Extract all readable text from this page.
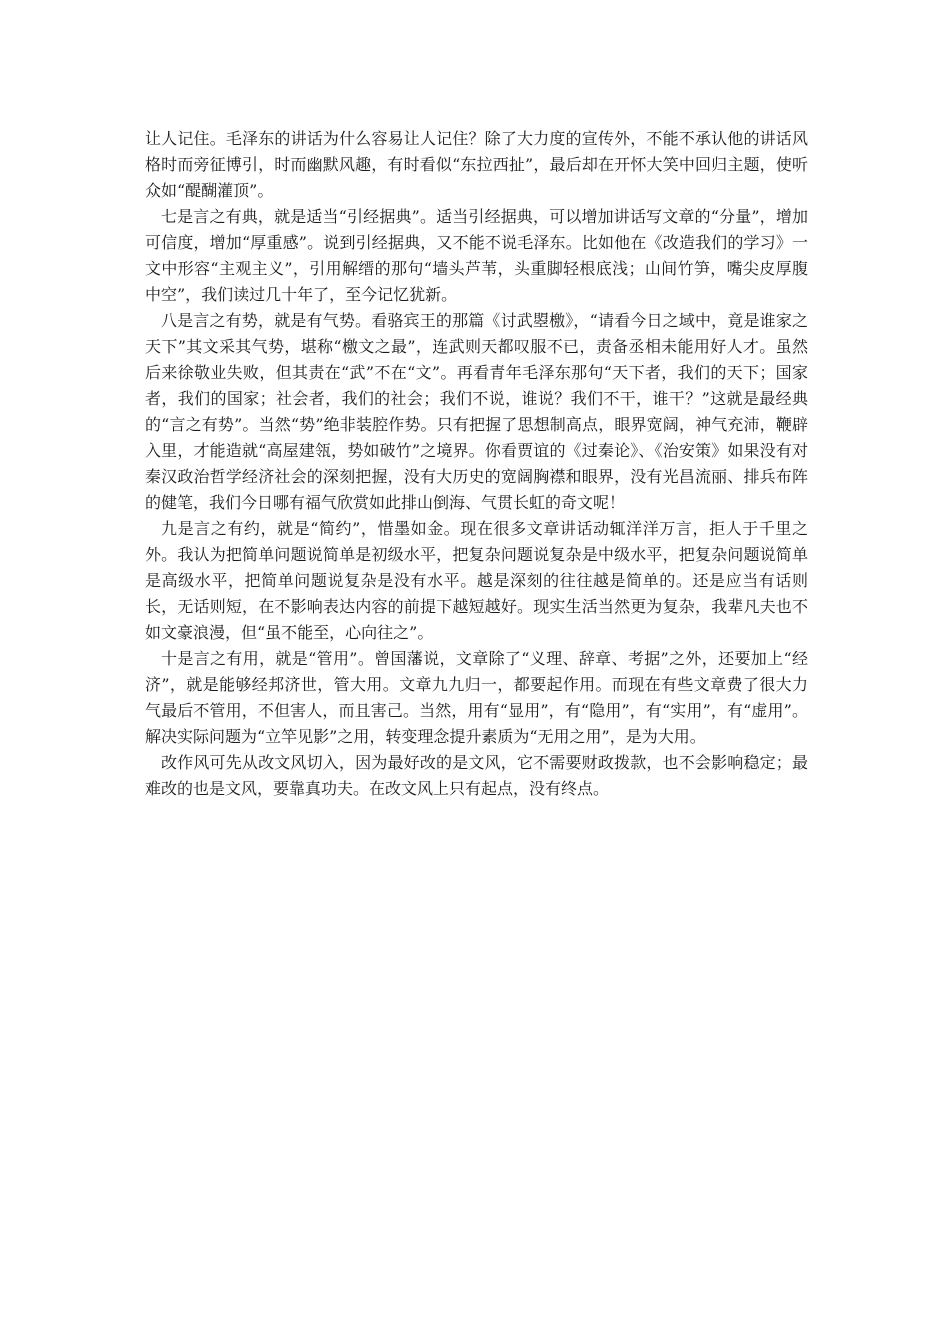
让人记住。毛泽东的讲话为什么容易让人记住？除了大力度的宣传外，不能不承认他的讲话风格时而旁征博引，时而幽默风趣，有时看似“东拉西扯”，最后却在开怀大笑中回归主题，使听众如“醍醐灌顶”。

七是言之有典，就是适当“引经据典”。适当引经据典，可以增加讲话写文章的“分量”，增加可信度，增加“厚重感”。说到引经据典，又不能不说毛泽东。比如他在《改造我们的学习》一文中形容“主观主义”，引用解缙的那句“墙头芦苇，头重脚轻根底浅；山间竹笋，嘴尖皮厚腹中空”，我们读过几十年了，至今记忆犹新。

八是言之有势，就是有气势。看骆宾王的那篇《讨武曌檄》，“请看今日之域中，竟是谁家之天下”其文采其气势，堪称“檄文之最”，连武则天都叹服不已，责备丞相未能用好人才。虽然后来徐敬业失败，但其责在“武”不在“文”。再看青年毛泽东那句“天下者，我们的天下；国家者，我们的国家；社会者，我们的社会；我们不说，谁说？我们不干，谁干？”这就是最经典的“言之有势”。当然“势”绝非装腔作势。只有把握了思想制高点，眼界宽阔，神气充沛，鞭辟入里，才能造就“高屋建瓴，势如破竹”之境界。你看贾谊的《过秦论》、《治安策》如果没有对秦汉政治哲学经济社会的深刻把握，没有大历史的宽阔胸襟和眼界，没有光昌流丽、排兵布阵的健笔，我们今日哪有福气欣赏如此排山倒海、气贯长虹的奇文呢！

九是言之有约，就是“简约”，惜墨如金。现在很多文章讲话动辄洋洋万言，拒人于千里之外。我认为把简单问题说简单是初级水平，把复杂问题说复杂是中级水平，把复杂问题说简单是高级水平，把简单问题说复杂是没有水平。越是深刻的往往越是简单的。还是应当有话则长，无话则短，在不影响表达内容的前提下越短越好。现实生活当然更为复杂，我辈凡夫也不如文豪浪漫，但“虽不能至，心向往之”。

十是言之有用，就是“管用”。曾国藩说，文章除了“义理、辞章、考据”之外，还要加上“经济”，就是能够经邦济世，管大用。文章九九归一，都要起作用。而现在有些文章费了很大力气最后不管用，不但害人，而且害己。当然，用有“显用”，有“隐用”，有“实用”，有“虚用”。解决实际问题为“立竿见影”之用，转变理念提升素质为“无用之用”，是为大用。

改作风可先从改文风切入，因为最好改的是文风，它不需要财政拨款，也不会影响稳定；最难改的也是文风，要靠真功夫。在改文风上只有起点，没有终点。
